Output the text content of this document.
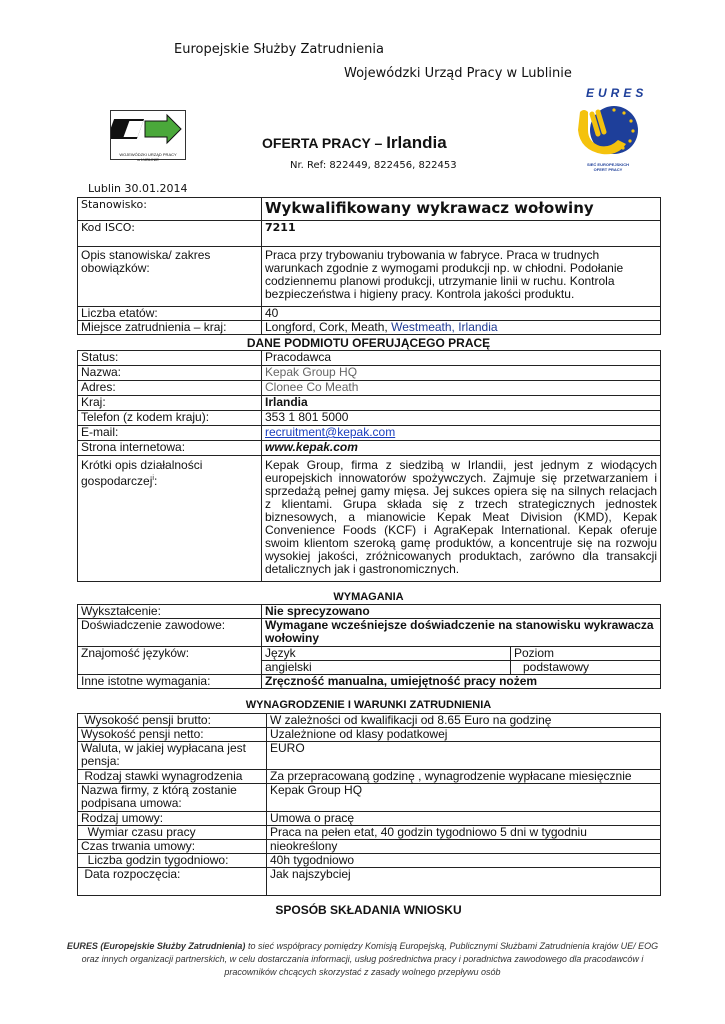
Europejskie Służby Zatrudnienia
Wojewódzki Urząd Pracy w Lublinie
WOJEWÓDZKI URZĄD PRACY
w LUBLINIE
OFERTA PRACY – Irlandia
Nr. Ref: 822449, 822456, 822453
EURES
SIEĆ EUROPEJSKICH
OFERT PRACY
Lublin 30.01.2014
Stanowisko:	Wykwalifikowany wykrawacz wołowiny
Kod ISCO:	7211
Opis stanowiska/ zakres obowiązków:	Praca przy trybowaniu trybowania w fabryce. Praca w trudnych warunkach zgodnie z wymogami produkcji np. w chłodni. Podołanie codziennemu planowi produkcji, utrzymanie linii w ruchu. Kontrola bezpieczeństwa i higieny pracy. Kontrola jakości produktu.
Liczba etatów:	40
Miejsce zatrudnienia – kraj:	Longford, Cork, Meath, Westmeath, Irlandia
DANE PODMIOTU OFERUJĄCEGO PRACĘ
Status:	Pracodawca
Nazwa:	Kepak Group HQ
Adres:	Clonee Co Meath
Kraj:	Irlandia
Telefon (z kodem kraju):	353 1 801 5000
E-mail:	recruitment@kepak.com
Strona internetowa:	www.kepak.com
Krótki opis działalności gospodarczej$^i$:	Kepak Group, firma z siedzibą w Irlandii, jest jednym z wiodących europejskich innowatorów spożywczych. Zajmuje się przetwarzaniem i sprzedażą pełnej gamy mięsa. Jej sukces opiera się na silnych relacjach z klientami. Grupa składa się z trzech strategicznych jednostek biznesowych, a mianowicie Kepak Meat Division (KMD), Kepak Convenience Foods (KCF) i AgraKepak International. Kepak oferuje swoim klientom szeroką gamę produktów, a koncentruje się na rozwoju wysokiej jakości, zróżnicowanych produktach, zarówno dla transakcji detalicznych jak i gastronomicznych.
WYMAGANIA
Wykształcenie:	Nie sprecyzowano	
Doświadczenie zawodowe:	Wymagane wcześniejsze doświadczenie na stanowisku wykrawacza wołowiny	
Znajomość języków:	Język	Poziom
	angielski	podstawowy
Inne istotne wymagania:	Zręczność manualna, umiejętność pracy nożem	
WYNAGRODZENIE I WARUNKI ZATRUDNIENIA
Wysokość pensji brutto:	W zależności od kwalifikacji od 8.65 Euro na godzinę
Wysokość pensji netto:	Uzależnione od klasy podatkowej
Waluta, w jakiej wypłacana jest pensja:	EURO
Rodzaj stawki wynagrodzenia	Za przepracowaną godzinę , wynagrodzenie wypłacane miesięcznie
Nazwa firmy, z którą zostanie podpisana umowa:	Kepak Group HQ
Rodzaj umowy:	Umowa o pracę
Wymiar czasu pracy	Praca na pełen etat, 40 godzin tygodniowo 5 dni w tygodniu
Czas trwania umowy:	nieokreślony
Liczba godzin tygodniowo:	40h tygodniowo
Data rozpoczęcia:	Jak najszybciej
SPOSÓB SKŁADANIA WNIOSKU
EURES (Europejskie Służby Zatrudnienia) to sieć współpracy pomiędzy Komisją Europejską, Publicznymi Służbami Zatrudnienia krajów UE/ EOG
oraz innych organizacji partnerskich, w celu dostarczania informacji, usług pośrednictwa pracy i poradnictwa zawodowego dla pracodawców i
pracowników chcących skorzystać z zasady wolnego przepływu osób
